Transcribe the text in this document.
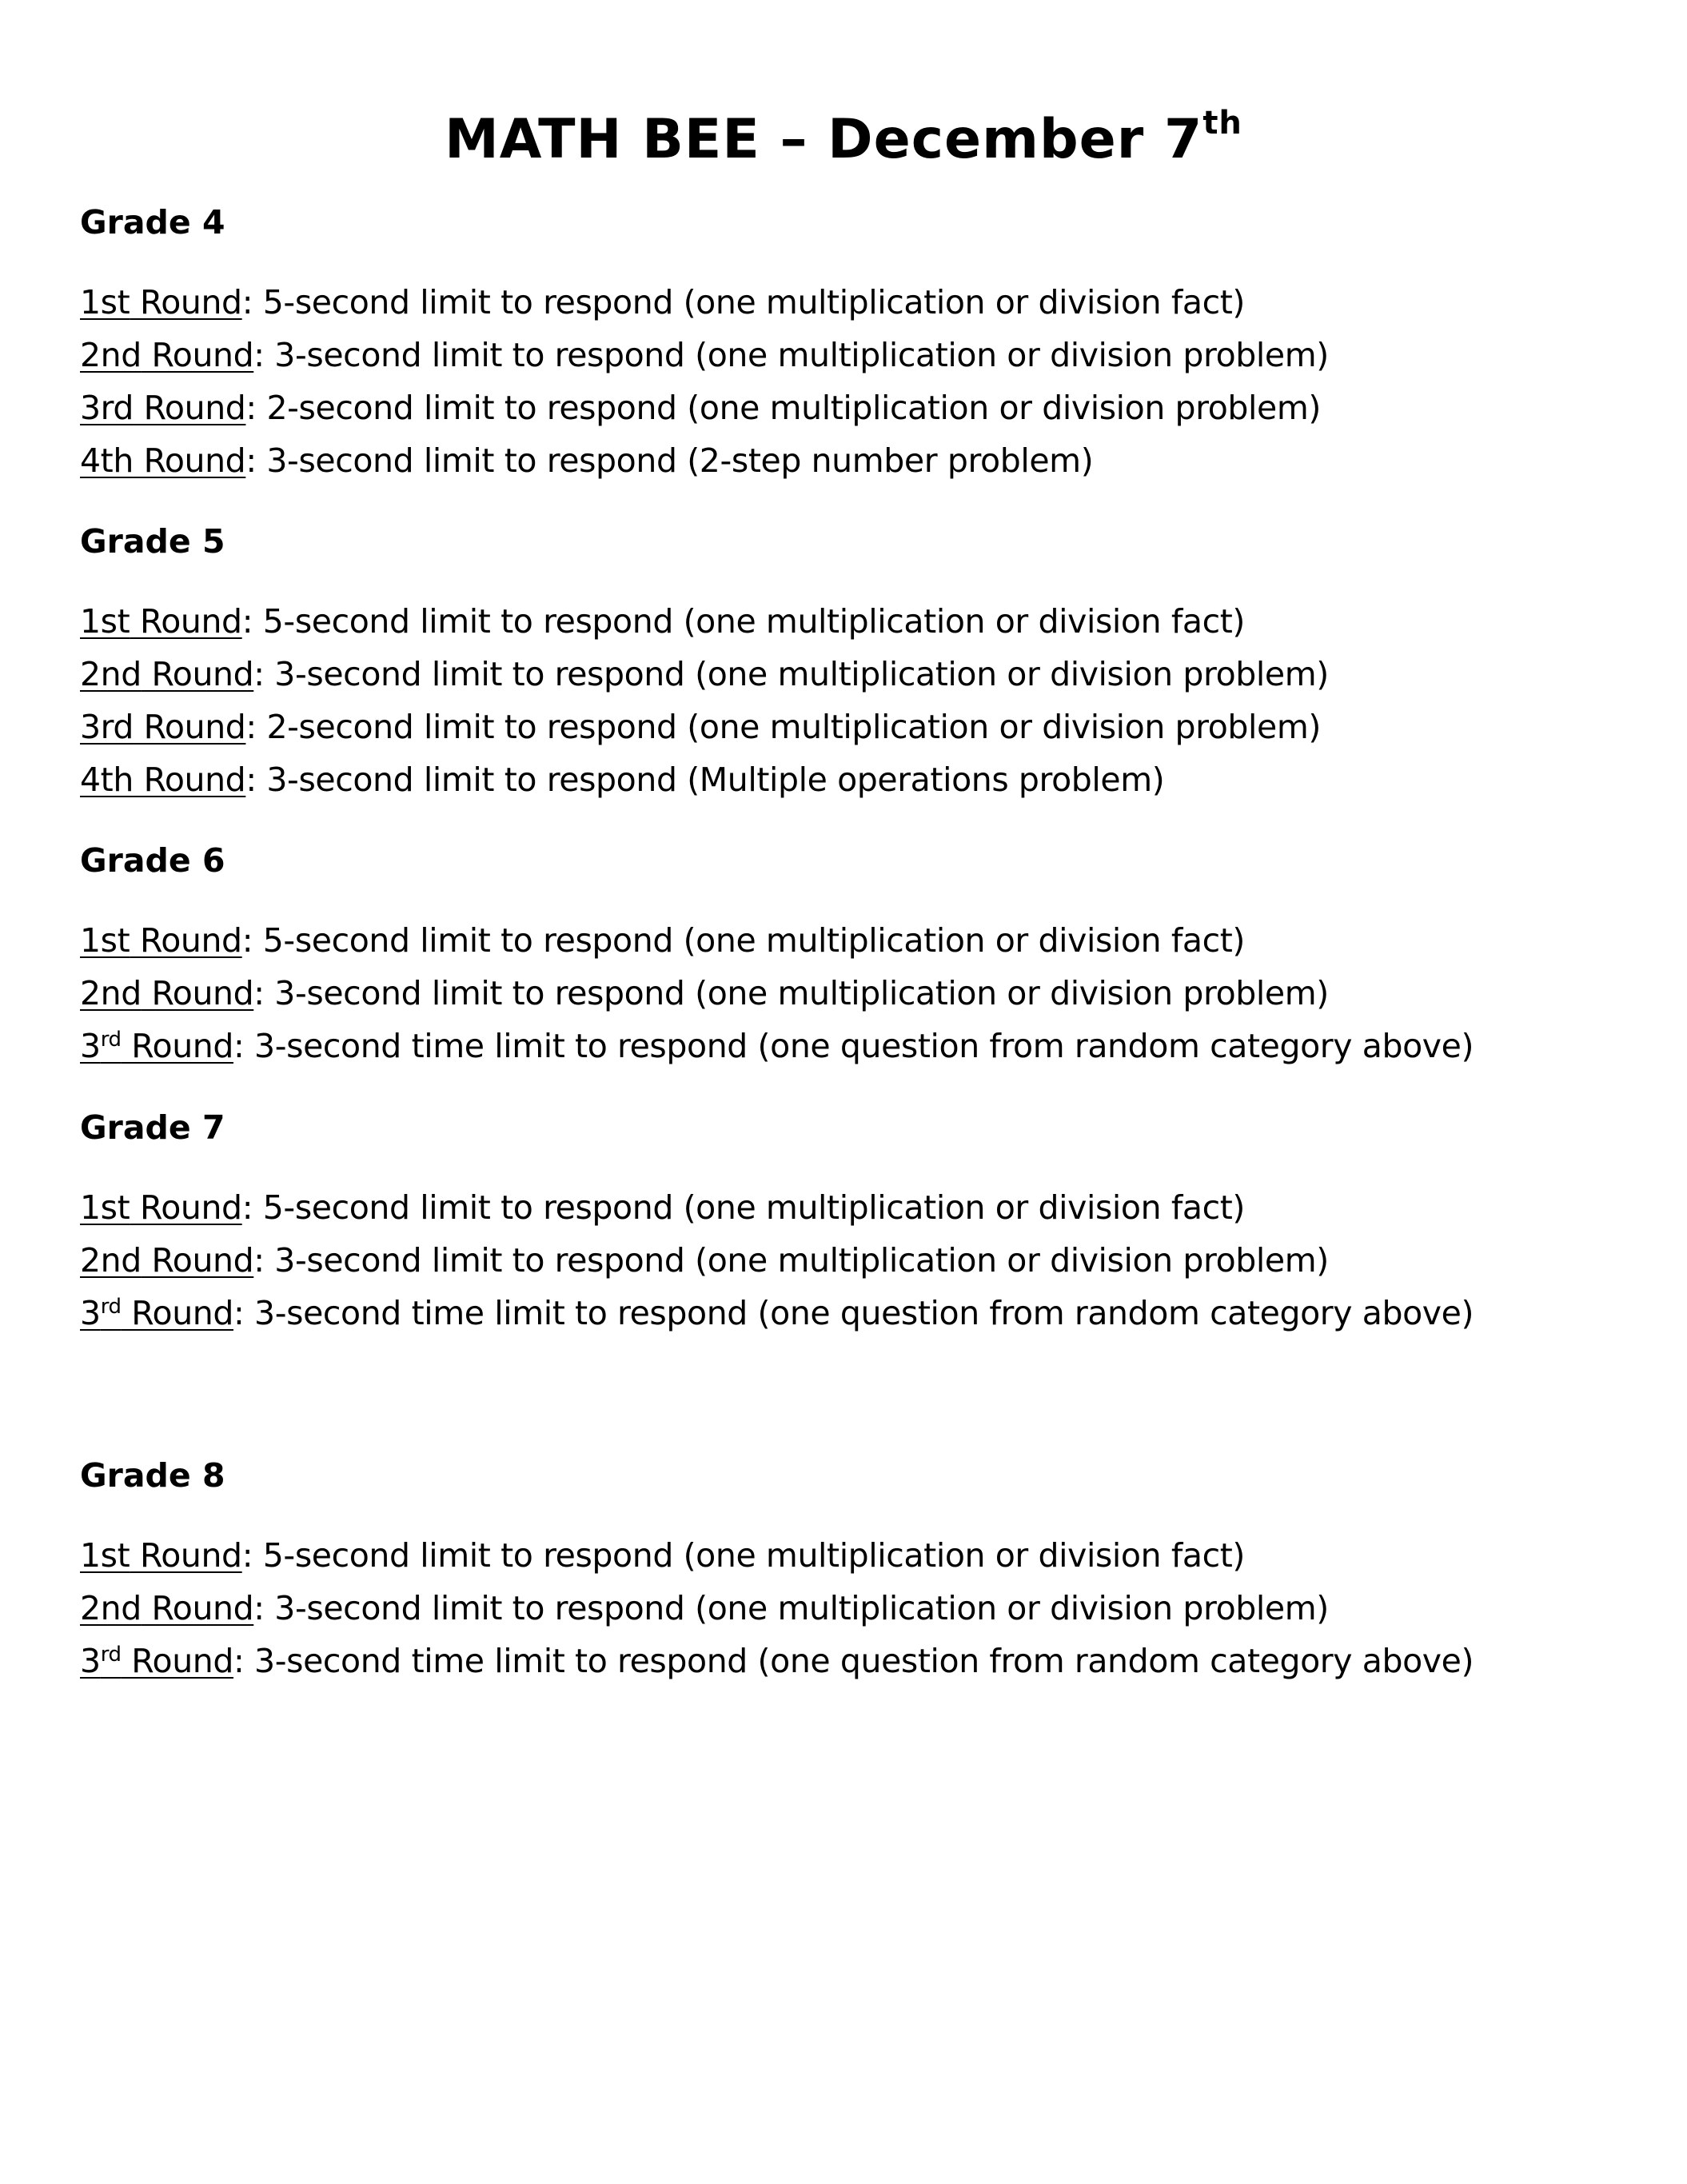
MATH BEE – December 7th
Grade 4
1st Round: 5-second limit to respond (one multiplication or division fact)
2nd Round: 3-second limit to respond (one multiplication or division problem)
3rd Round: 2-second limit to respond (one multiplication or division problem)
4th Round: 3-second limit to respond (2-step number problem)
Grade 5
1st Round: 5-second limit to respond (one multiplication or division fact)
2nd Round: 3-second limit to respond (one multiplication or division problem)
3rd Round: 2-second limit to respond (one multiplication or division problem)
4th Round: 3-second limit to respond (Multiple operations problem)
Grade 6
1st Round: 5-second limit to respond (one multiplication or division fact)
2nd Round: 3-second limit to respond (one multiplication or division problem)
3rd Round: 3-second time limit to respond (one question from random category above)
Grade 7
1st Round: 5-second limit to respond (one multiplication or division fact)
2nd Round: 3-second limit to respond (one multiplication or division problem)
3rd Round: 3-second time limit to respond (one question from random category above)
Grade 8
1st Round: 5-second limit to respond (one multiplication or division fact)
2nd Round: 3-second limit to respond (one multiplication or division problem)
3rd Round: 3-second time limit to respond (one question from random category above)
